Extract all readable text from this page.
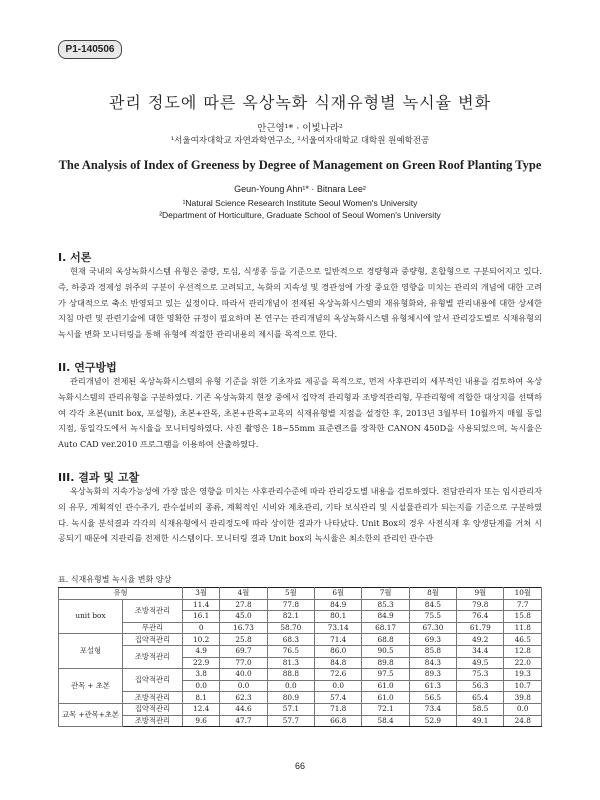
P1-140506
관리 정도에 따른 옥상녹화 식재유형별 녹시율 변화
안근영¹* · 이빛나라²
¹서울여자대학교 자연과학연구소, ²서울여자대학교 대학원 원예학전공
The Analysis of Index of Greeness by Degree of Management on Green Roof Planting Type
Geun-Young Ahn¹* · Bitnara Lee²
¹Natural Science Research Institute Seoul Women's University
²Department of Horticulture, Graduate School of Seoul Women's University
I. 서론

현재 국내의 옥상녹화시스템 유형은 중량, 토심, 식생종 등을 기준으로 일반적으로 경량형과 중량형, 혼합형으로 구분되어지고 있다. 즉, 하중과 경제성 위주의 구분이 우선적으로 고려되고, 녹화의 지속성 및 경관성에 가장 중요한 영향을 미치는 관리의 개념에 대한 고려가 상대적으로 축소 반영되고 있는 실정이다. 따라서 관리개념이 전제된 옥상녹화시스템의 재유형화와, 유형별 관리내용에 대한 상세한 지침 마련 및 관련기술에 대한 명확한 규정이 필요하며 본 연구는 관리개념의 옥상녹화시스템 유형체시에 앞서 관리강도별로 식재유형의 녹시율 변화 모니터링을 통해 유형에 적절한 관리내용의 제시를 목적으로 한다.

II. 연구방법

관리개념이 전제된 옥상녹화시스템의 유형 기준을 위한 기초자료 제공을 목적으로, 먼저 사후관리의 세부적인 내용을 검토하여 옥상녹화시스템의 관리유형을 구분하였다. 기존 옥상녹화지 현장 중에서 집약적 관리형과 조방적관리형, 무관리형에 적합한 대상지를 선택하여 각각 초본(unit box, 포설형), 초본+관목, 초본+관목+교목의 식재유형별 지점을 설정한 후, 2013년 3월부터 10월까지 매월 동일지점, 동일각도에서 녹시율을 모니터링하였다. 사진 촬영은 18~55mm 표준렌즈를 장착한 CANON 450D을 사용되었으며, 녹시율은 Auto CAD ver.2010 프로그램을 이용하여 산출하였다.

III. 결과 및 고찰

옥상녹화의 지속가능성에 가장 많은 영향을 미치는 사후관리수준에 따라 관리강도별 내용을 검토하였다. 전담관리자 또는 임시관리자의 유무, 계획적인 관수주기, 관수설비의 종류, 계획적인 시비와 제초관리, 기타 보식관리 및 시설물관리가 되는지를 기준으로 구분하였다. 녹시율 분석결과 각각의 식재유형에서 관리정도에 따라 상이한 결과가 나타났다. Unit Box의 경우 사전식재 후 양생단계를 거쳐 시공되기 때문에 지관리를 전제한 시스템이다. 모니터링 결과 Unit box의 녹시율은 최소한의 관리인 관수관

표. 식재유형별 녹시율 변화 양상
유형		3월	4월	5월	6월	7월	8월	9월	10월
unit box	조방적관리	11.4	27.8	77.8	84.9	85.3	84.5	79.8	7.7
		16.1	45.0	82.1	80.1	84.9	75.5	76.4	15.8
	무관리	0	16.73	58.70	73.14	68.17	67.30	61.79	11.8
포설형	집약적관리	10.2	25.8	68.3	71.4	68.8	69.3	49.2	46.5
	조방적관리	4.9	69.7	76.5	86.0	90.5	85.8	34.4	12.8
		22.9	77.0	81.3	84.8	89.8	84.3	49.5	22.0
관목 + 초본	집약적관리	3.8	40.0	88.8	72.6	97.5	89.3	75.3	19.3
		0.0	0.0	0.0	0.0	61.0	61.3	56.3	10.7
	조방적관리	8.1	62.3	80.9	57.4	61.0	56.5	65.4	39.8
교목 +관목+초본	집약적관리	12.4	44.6	57.1	71.8	72.1	73.4	58.5	0.0
	조방적관리	9.6	47.7	57.7	66.8	58.4	52.9	49.1	24.8
66
